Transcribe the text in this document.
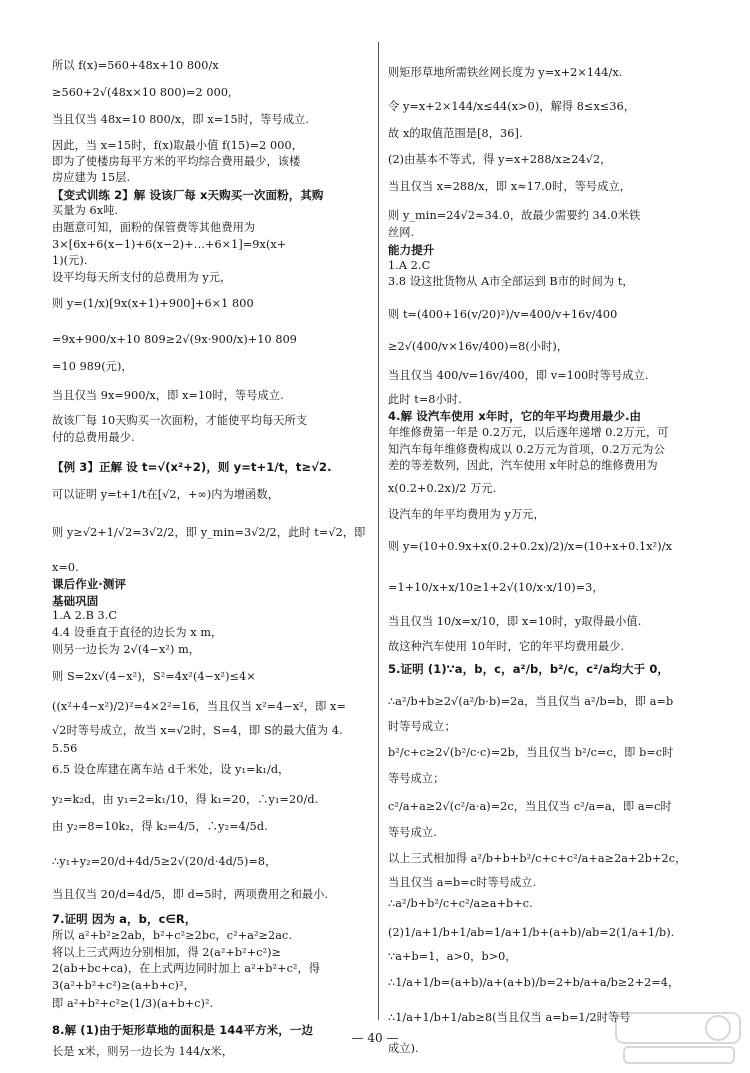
所以 f(x)=560+48x+10 800/x
≥560+2√(48x×10 800)=2 000,
当且仅当 48x=10 800/x，即 x=15时，等号成立.
因此，当 x=15时，f(x)取最小值 f(15)=2 000，
即为了使楼房每平方米的平均综合费用最少，该楼
房应建为 15层.
【变式训练 2】解 设该厂每 x天购买一次面粉，其购
买量为 6x吨.
由题意可知，面粉的保管费等其他费用为
3×[6x+6(x−1)+6(x−2)+…+6×1]=9x(x+
1)(元).
设平均每天所支付的总费用为 y元，
则 y=(1/x)[9x(x+1)+900]+6×1 800
=9x+900/x+10 809≥2√(9x·900/x)+10 809
=10 989(元)，
当且仅当 9x=900/x，即 x=10时，等号成立.
故该厂每 10天购买一次面粉，才能使平均每天所支
付的总费用最少.
【例 3】正解 设 t=√(x²+2)，则 y=t+1/t，t≥√2.
可以证明 y=t+1/t在[√2，+∞)内为增函数，
则 y≥√2+1/√2=3√2/2，即 y_min=3√2/2，此时 t=√2，即
x=0.
课后作业·测评
基础巩固
1.A 2.B 3.C
4.4 设垂直于直径的边长为 x m，
则另一边长为 2√(4−x²) m，
则 S=2x√(4−x²)，S²=4x²(4−x²)≤4×
((x²+4−x²)/2)²=4×2²=16，当且仅当 x²=4−x²，即 x=
√2时等号成立，故当 x=√2时，S=4，即 S的最大值为 4.
5.56
6.5 设仓库建在离车站 d千米处，设 y₁=k₁/d，
y₂=k₂d，由 y₁=2=k₁/10，得 k₁=20，∴y₁=20/d.
由 y₂=8=10k₂，得 k₂=4/5，∴y₂=4/5d.
∴y₁+y₂=20/d+4d/5≥2√(20/d·4d/5)=8，
当且仅当 20/d=4d/5，即 d=5时，两项费用之和最小.
7.证明 因为 a，b，c∈R，
所以 a²+b²≥2ab，b²+c²≥2bc，c²+a²≥2ac.
将以上三式两边分别相加，得 2(a²+b²+c²)≥
2(ab+bc+ca)，在上式两边同时加上 a²+b²+c²，得
3(a²+b²+c²)≥(a+b+c)²，
即 a²+b²+c²≥(1/3)(a+b+c)².
8.解 (1)由于矩形草地的面积是 144平方米，一边
长是 x米，则另一边长为 144/x米，
则矩形草地所需铁丝网长度为 y=x+2×144/x.
令 y=x+2×144/x≤44(x>0)，解得 8≤x≤36，
故 x的取值范围是[8，36].
(2)由基本不等式，得 y=x+288/x≥24√2，
当且仅当 x=288/x，即 x≈17.0时，等号成立，
则 y_min=24√2≈34.0，故最少需要约 34.0米铁
丝网.
能力提升
1.A 2.C
3.8 设这批货物从 A市全部运到 B市的时间为 t，
则 t=(400+16(v/20)²)/v=400/v+16v/400
≥2√(400/v×16v/400)=8(小时)，
当且仅当 400/v=16v/400，即 v=100时等号成立.
此时 t=8小时.
4.解 设汽车使用 x年时，它的年平均费用最少.由
年维修费第一年是 0.2万元，以后逐年递增 0.2万元，可
知汽车每年维修费构成以 0.2万元为首项，0.2万元为公
差的等差数列，因此，汽车使用 x年时总的维修费用为
x(0.2+0.2x)/2 万元.
设汽车的年平均费用为 y万元，
则 y=(10+0.9x+x(0.2+0.2x)/2)/x=(10+x+0.1x²)/x
=1+10/x+x/10≥1+2√(10/x·x/10)=3，
当且仅当 10/x=x/10，即 x=10时，y取得最小值.
故这种汽车使用 10年时，它的年平均费用最少.
5.证明 (1)∵a，b，c，a²/b，b²/c，c²/a均大于 0，
∴a²/b+b≥2√(a²/b·b)=2a，当且仅当 a²/b=b，即 a=b
时等号成立；
b²/c+c≥2√(b²/c·c)=2b，当且仅当 b²/c=c，即 b=c时
等号成立；
c²/a+a≥2√(c²/a·a)=2c，当且仅当 c²/a=a，即 a=c时
等号成立.
以上三式相加得 a²/b+b+b²/c+c+c²/a+a≥2a+2b+2c，
当且仅当 a=b=c时等号成立.
∴a²/b+b²/c+c²/a≥a+b+c.
(2)1/a+1/b+1/ab=1/a+1/b+(a+b)/ab=2(1/a+1/b).
∵a+b=1，a>0，b>0，
∴1/a+1/b=(a+b)/a+(a+b)/b=2+b/a+a/b≥2+2=4，
∴1/a+1/b+1/ab≥8(当且仅当 a=b=1/2时等号
成立).
— 40 —
